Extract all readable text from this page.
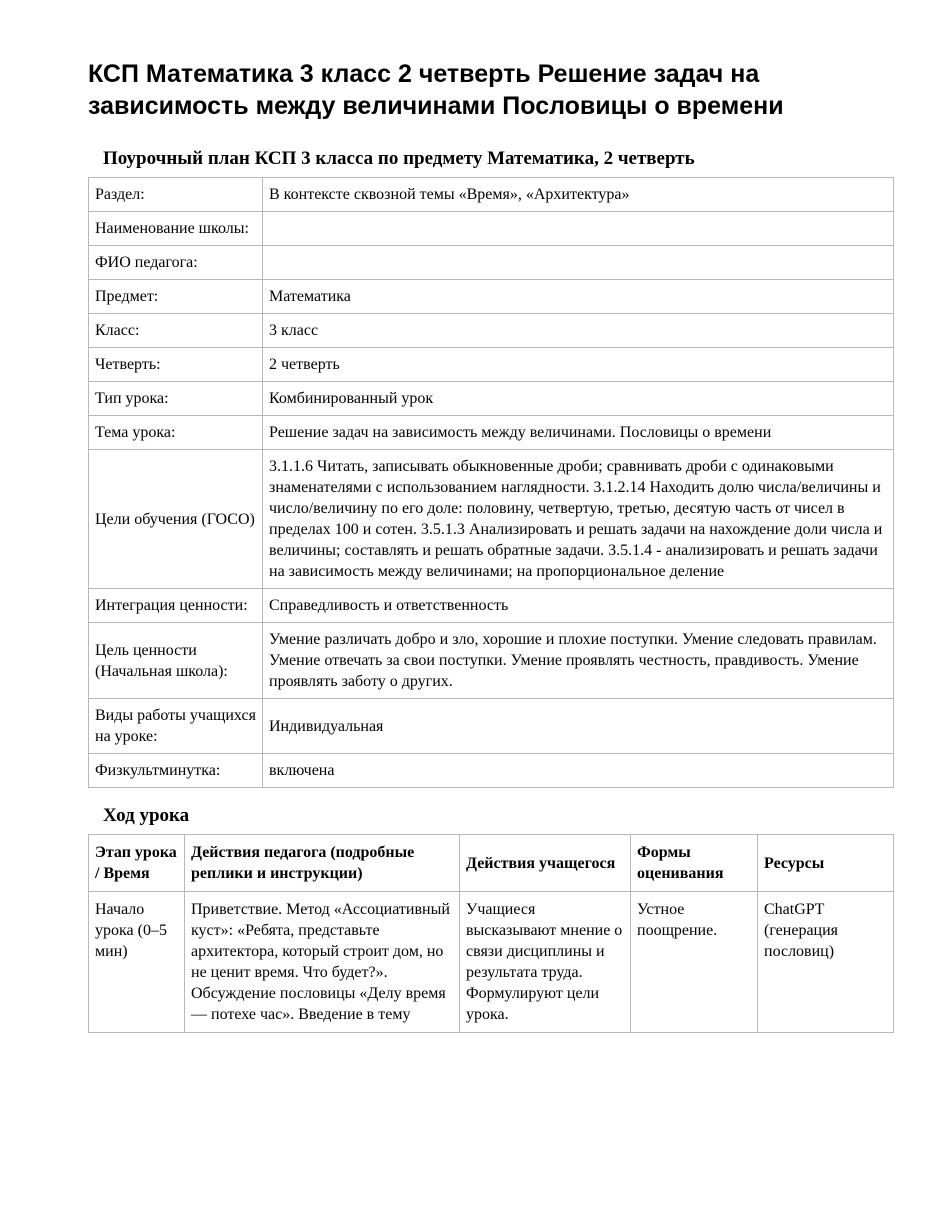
КСП Математика 3 класс 2 четверть Решение задач на зависимость между величинами Пословицы о времени
Поурочный план КСП 3 класса по предмету Математика, 2 четверть
Раздел:	В контексте сквозной темы «Время», «Архитектура»
Наименование школы:	
ФИО педагога:	
Предмет:	Математика
Класс:	3 класс
Четверть:	2 четверть
Тип урока:	Комбинированный урок
Тема урока:	Решение задач на зависимость между величинами. Пословицы о времени
Цели обучения (ГОСО)	3.1.1.6 Читать, записывать обыкновенные дроби; сравнивать дроби с одинаковыми знаменателями с использованием наглядности. 3.1.2.14 Находить долю числа/величины и число/величину по его доле: половину, четвертую, третью, десятую часть от чисел в пределах 100 и сотен. 3.5.1.3 Анализировать и решать задачи на нахождение доли числа и величины; составлять и решать обратные задачи. 3.5.1.4 - анализировать и решать задачи на зависимость между величинами; на пропорциональное деление
Интеграция ценности:	Справедливость и ответственность
Цель ценности (Начальная школа):	Умение различать добро и зло, хорошие и плохие поступки. Умение следовать правилам. Умение отвечать за свои поступки. Умение проявлять честность, правдивость. Умение проявлять заботу о других.
Виды работы учащихся на уроке:	Индивидуальная
Физкультминутка:	включена
Ход урока
Этап урока / Время	Действия педагога (подробные реплики и инструкции)	Действия учащегося	Формы оценивания	Ресурсы
Начало урока (0–5 мин)	Приветствие. Метод «Ассоциативный куст»: «Ребята, представьте архитектора, который строит дом, но не ценит время. Что будет?». Обсуждение пословицы «Делу время — потехе час». Введение в тему	Учащиеся высказывают мнение о связи дисциплины и результата труда. Формулируют цели урока.	Устное поощрение.	ChatGPT (генерация пословиц)
